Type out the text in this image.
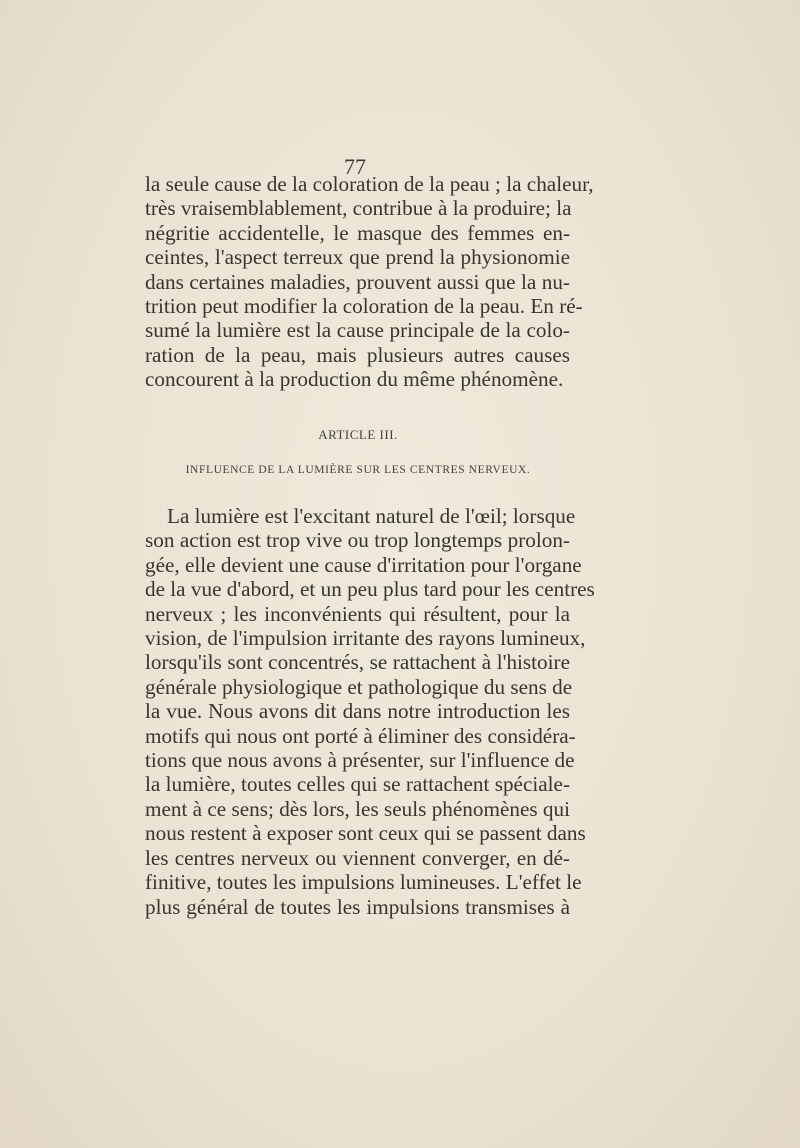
77
la seule cause de la coloration de la peau ; la chaleur,
très vraisemblablement, contribue à la produire; la
négritie accidentelle, le masque des femmes en-
ceintes, l'aspect terreux que prend la physionomie
dans certaines maladies, prouvent aussi que la nu-
trition peut modifier la coloration de la peau. En ré-
sumé la lumière est la cause principale de la colo-
ration de la peau, mais plusieurs autres causes
concourent à la production du même phénomène.
ARTICLE III.
INFLUENCE DE LA LUMIÈRE SUR LES CENTRES NERVEUX.
La lumière est l'excitant naturel de l'œil; lorsque
son action est trop vive ou trop longtemps prolon-
gée, elle devient une cause d'irritation pour l'organe
de la vue d'abord, et un peu plus tard pour les centres
nerveux ; les inconvénients qui résultent, pour la
vision, de l'impulsion irritante des rayons lumineux,
lorsqu'ils sont concentrés, se rattachent à l'histoire
générale physiologique et pathologique du sens de
la vue. Nous avons dit dans notre introduction les
motifs qui nous ont porté à éliminer des considéra-
tions que nous avons à présenter, sur l'influence de
la lumière, toutes celles qui se rattachent spéciale-
ment à ce sens; dès lors, les seuls phénomènes qui
nous restent à exposer sont ceux qui se passent dans
les centres nerveux ou viennent converger, en dé-
finitive, toutes les impulsions lumineuses. L'effet le
plus général de toutes les impulsions transmises à
